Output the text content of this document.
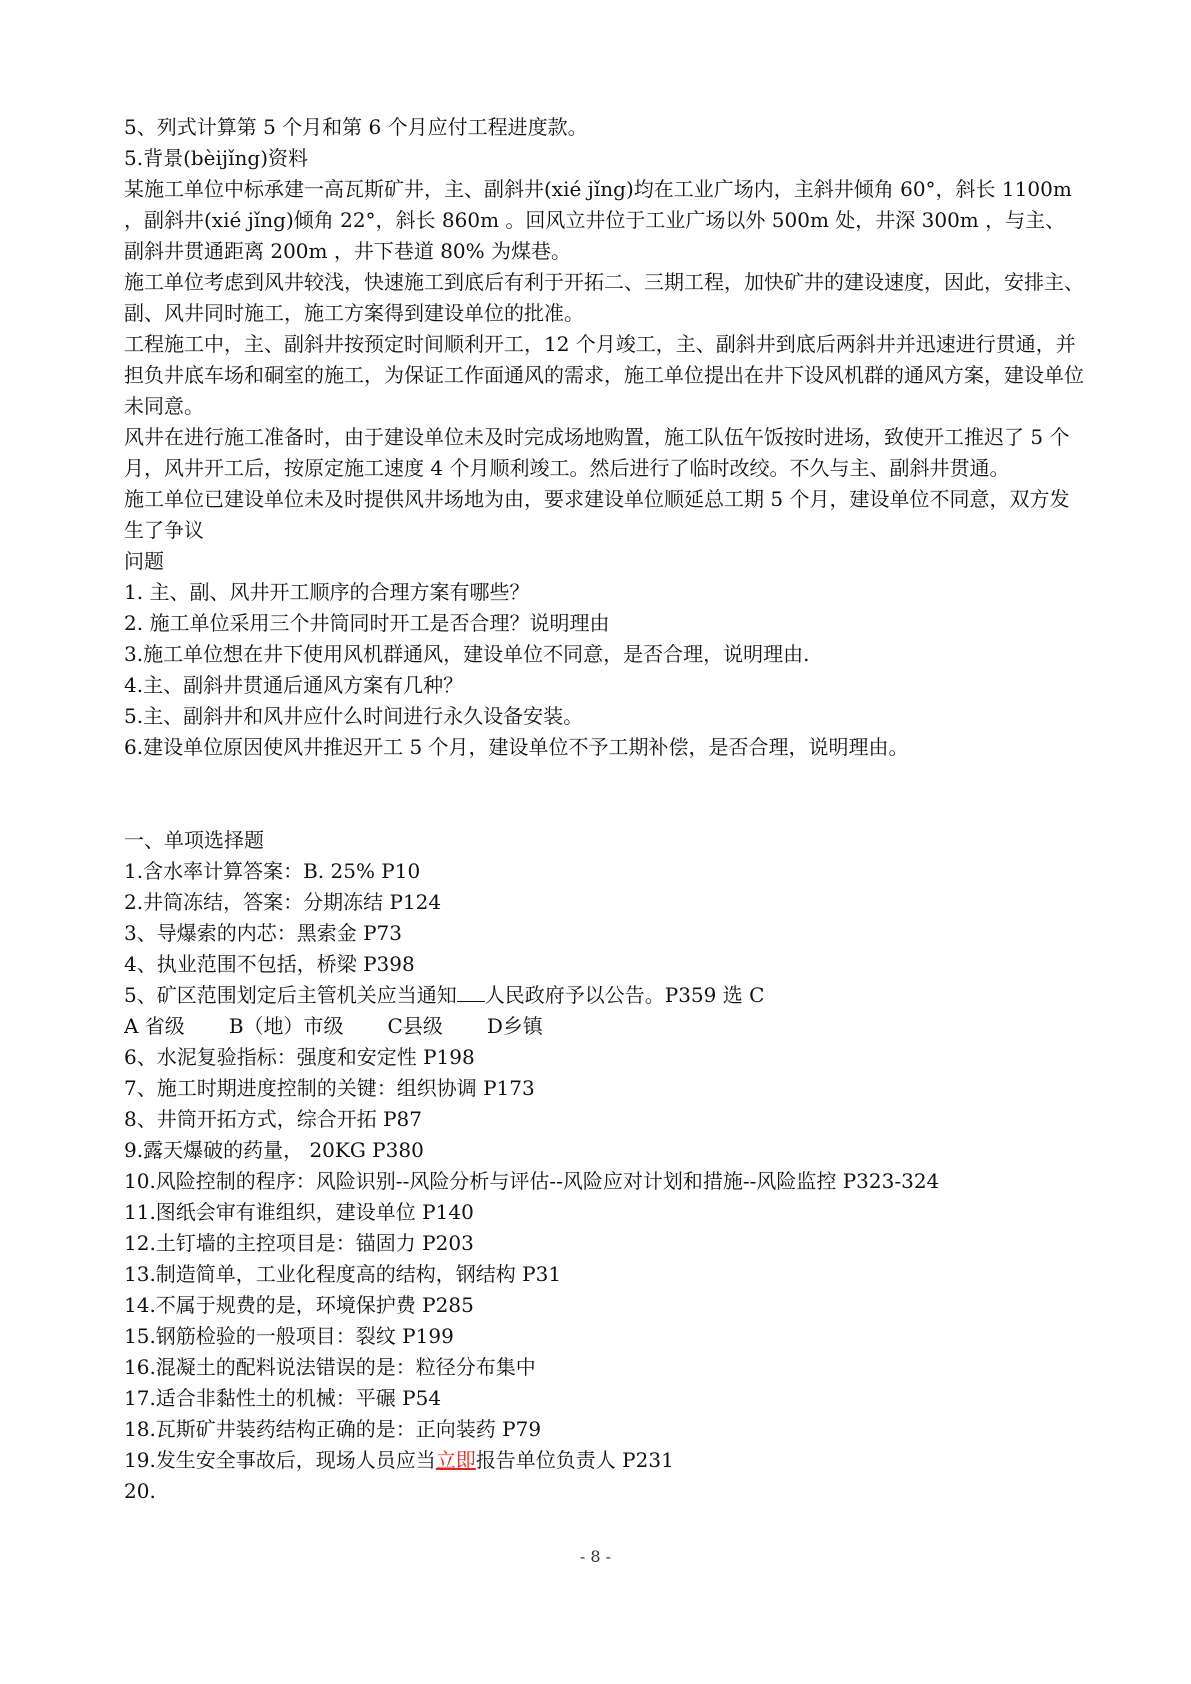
5、列式计算第 5 个月和第 6 个月应付工程进度款。
5.背景(bèijǐng)资料
某施工单位中标承建一高瓦斯矿井，主、副斜井(xié jǐng)均在工业广场内，主斜井倾角 60°，斜长 1100m ，副斜井(xié jǐng)倾角 22°，斜长 860m 。回风立井位于工业广场以外 500m 处，井深 300m ，与主、副斜井贯通距离 200m ，井下巷道 80% 为煤巷。
施工单位考虑到风井较浅，快速施工到底后有利于开拓二、三期工程，加快矿井的建设速度，因此，安排主、副、风井同时施工，施工方案得到建设单位的批准。
工程施工中，主、副斜井按预定时间顺利开工，12 个月竣工，主、副斜井到底后两斜井并迅速进行贯通，并担负井底车场和硐室的施工，为保证工作面通风的需求，施工单位提出在井下设风机群的通风方案，建设单位未同意。
风井在进行施工准备时，由于建设单位未及时完成场地购置，施工队伍午饭按时进场，致使开工推迟了 5 个月，风井开工后，按原定施工速度 4 个月顺利竣工。然后进行了临时改绞。不久与主、副斜井贯通。
施工单位已建设单位未及时提供风井场地为由，要求建设单位顺延总工期 5 个月，建设单位不同意，双方发生了争议
问题
1. 主、副、风井开工顺序的合理方案有哪些？
2. 施工单位采用三个井筒同时开工是否合理？说明理由
3.施工单位想在井下使用风机群通风，建设单位不同意，是否合理，说明理由.
4.主、副斜井贯通后通风方案有几种？
5.主、副斜井和风井应什么时间进行永久设备安装。
6.建设单位原因使风井推迟开工 5 个月，建设单位不予工期补偿，是否合理，说明理由。
一、单项选择题
1.含水率计算答案：B. 25% P10
2.井筒冻结，答案：分期冻结 P124
3、导爆索的内芯：黑索金 P73
4、执业范围不包括，桥梁 P398
5、矿区范围划定后主管机关应当通知 人民政府予以公告。P359 选 C
A 省级 B（地）市级 C县级 D乡镇
6、水泥复验指标：强度和安定性 P198
7、施工时期进度控制的关键：组织协调 P173
8、井筒开拓方式，综合开拓 P87
9.露天爆破的药量， 20KG P380
10.风险控制的程序：风险识别--风险分析与评估--风险应对计划和措施--风险监控 P323-324
11.图纸会审有谁组织，建设单位 P140
12.土钉墙的主控项目是：锚固力 P203
13.制造简单，工业化程度高的结构，钢结构 P31
14.不属于规费的是，环境保护费 P285
15.钢筋检验的一般项目：裂纹 P199
16.混凝土的配料说法错误的是：粒径分布集中
17.适合非黏性土的机械：平碾 P54
18.瓦斯矿井装药结构正确的是：正向装药 P79
19.发生安全事故后，现场人员应当立即报告单位负责人 P231
20.
- 8 -
